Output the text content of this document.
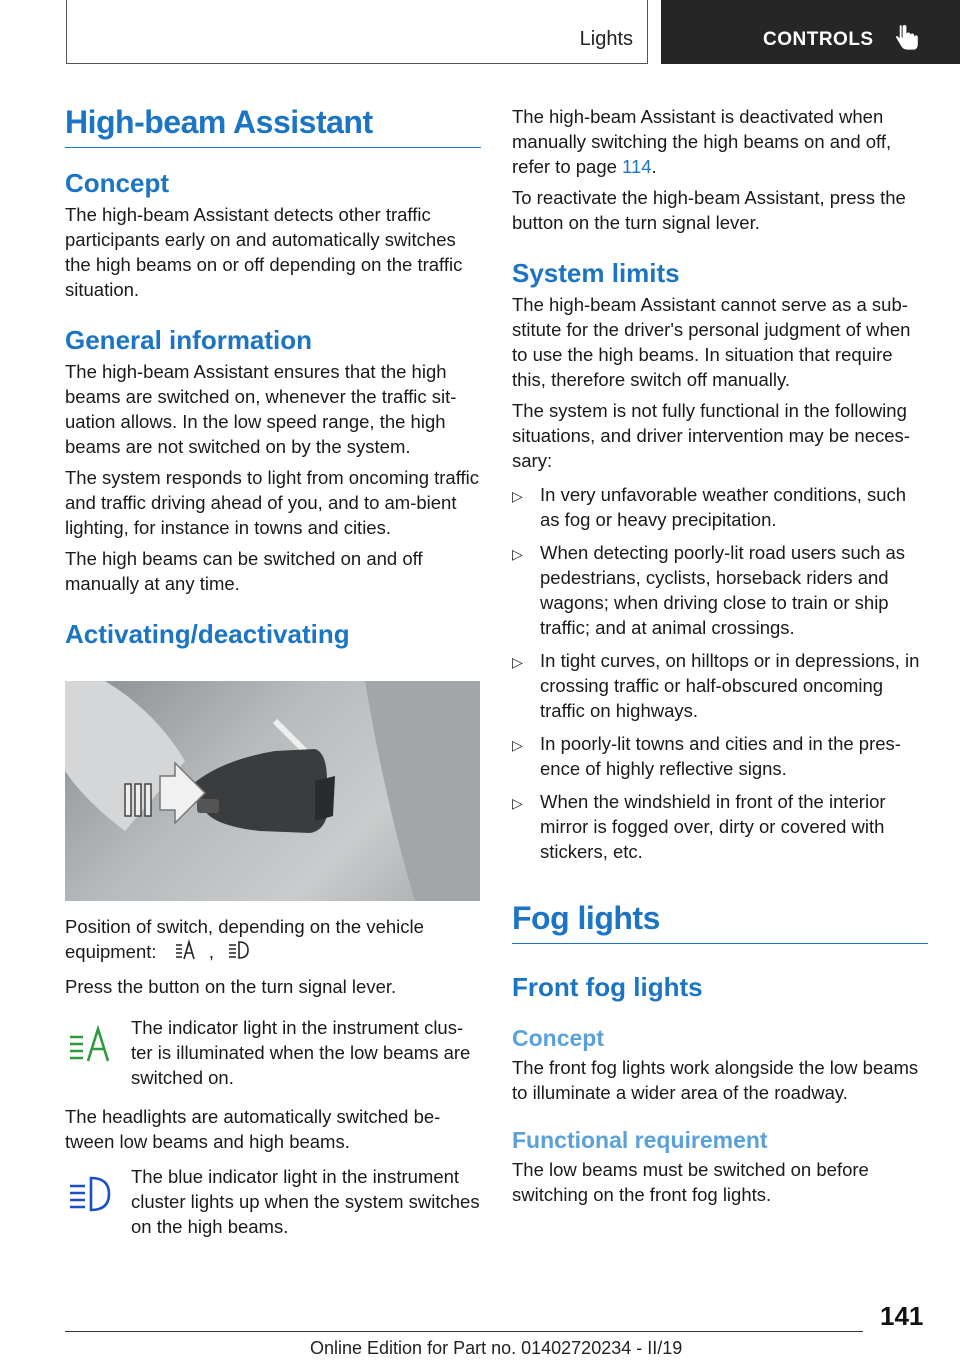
Lights	CONTROLS
High-beam Assistant
Concept

The high-beam Assistant detects other traffic participants early on and automatically switches the high beams on or off depending on the traffic situation.

General information

The high-beam Assistant ensures that the high beams are switched on, whenever the traffic sit-uation allows. In the low speed range, the high beams are not switched on by the system.

The system responds to light from oncoming traffic and traffic driving ahead of you, and to am-bient lighting, for instance in towns and cities.

The high beams can be switched on and off manually at any time.

Activating/deactivating

Position of switch, depending on the vehicle equipment:	,

Press the button on the turn signal lever.

The indicator light in the instrument clus-ter is illuminated when the low beams are switched on.

The headlights are automatically switched be-tween low beams and high beams.

The blue indicator light in the instrument cluster lights up when the system switches on the high beams.

The high-beam Assistant is deactivated when manually switching the high beams on and off, refer to page 114.

To reactivate the high-beam Assistant, press the button on the turn signal lever.

System limits

The high-beam Assistant cannot serve as a sub-stitute for the driver's personal judgment of when to use the high beams. In situation that require this, therefore switch off manually.

The system is not fully functional in the following situations, and driver intervention may be neces-sary:

▷ In very unfavorable weather conditions, such as fog or heavy precipitation.
▷ When detecting poorly-lit road users such as pedestrians, cyclists, horseback riders and wagons; when driving close to train or ship traffic; and at animal crossings.
▷ In tight curves, on hilltops or in depressions, in crossing traffic or half-obscured oncoming traffic on highways.
▷ In poorly-lit towns and cities and in the pres-ence of highly reflective signs.
▷ When the windshield in front of the interior mirror is fogged over, dirty or covered with stickers, etc.
Fog lights
Front fog lights
Concept

The front fog lights work alongside the low beams to illuminate a wider area of the roadway.

Functional requirement

The low beams must be switched on before switching on the front fog lights.

141
Online Edition for Part no. 01402720234 - II/19
